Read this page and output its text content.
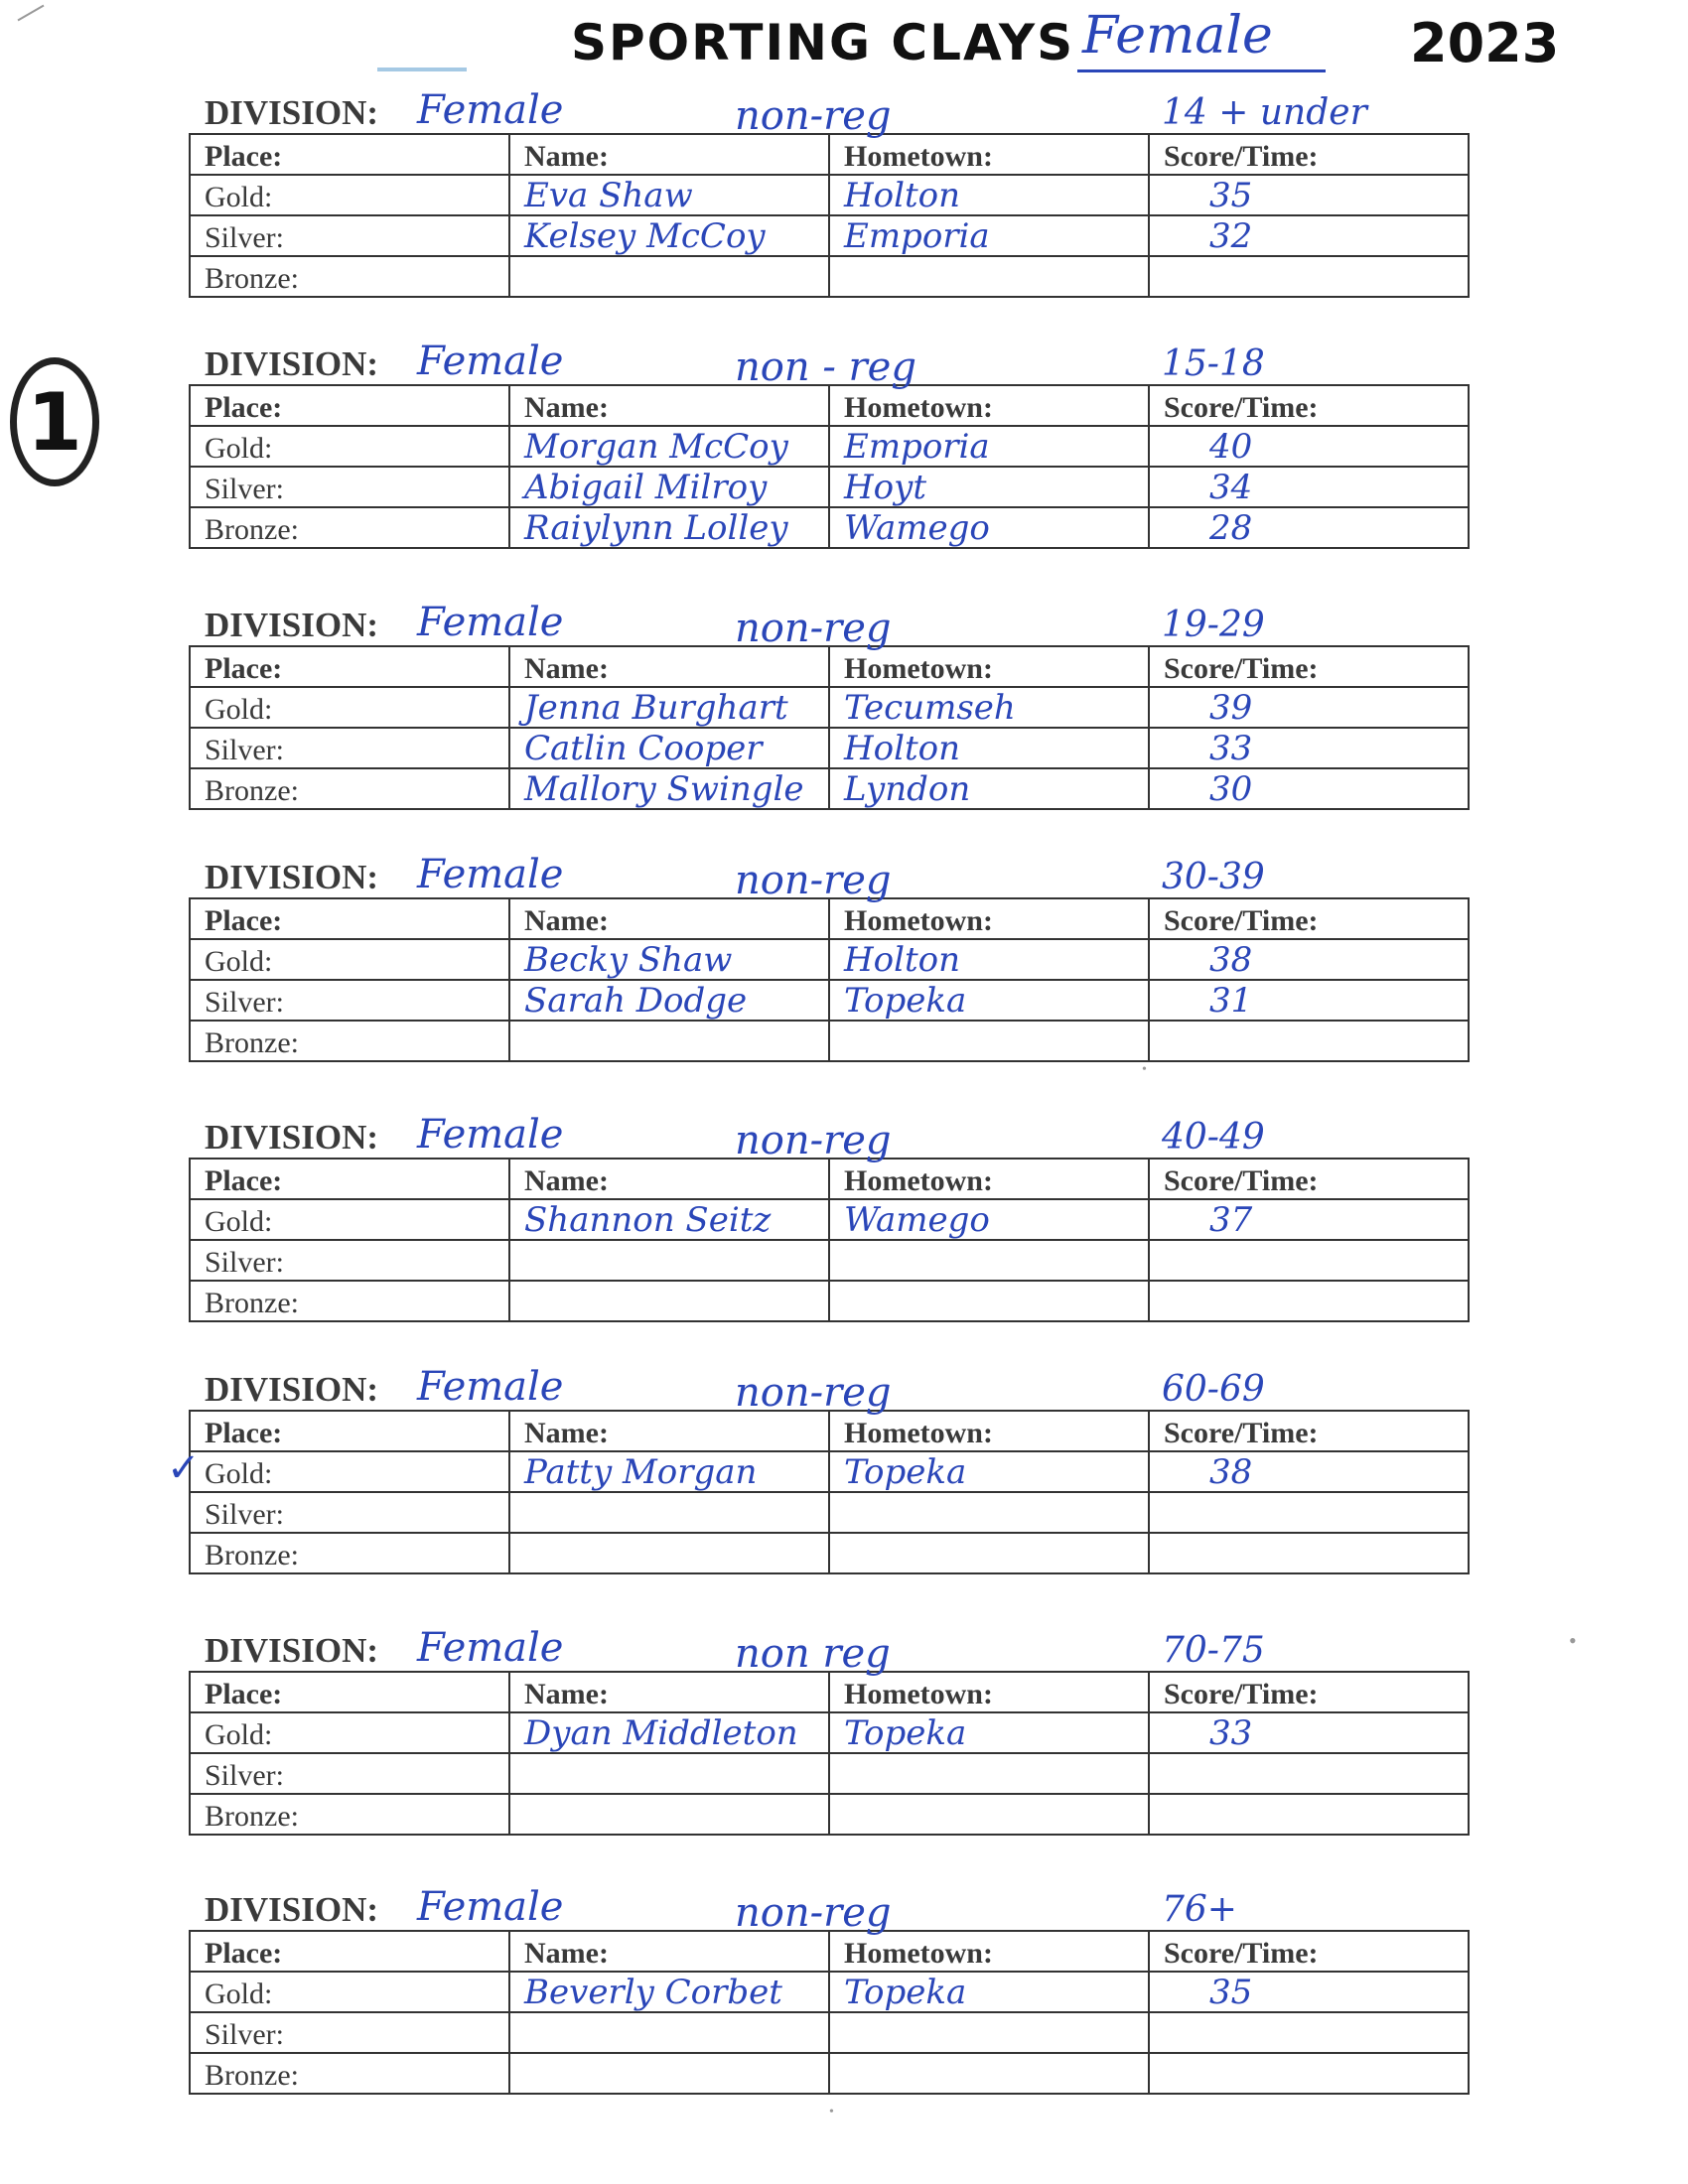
•
•
•
SPORTING CLAYS Female	2023
1
DIVISION: Female	non-reg	14 + under
Place:	Name:	Hometown:	Score/Time:
Gold:	Eva Shaw	Holton	35
Silver:	Kelsey McCoy	Emporia	32
Bronze:			
DIVISION: Female	non - reg	15-18
Place:	Name:	Hometown:	Score/Time:
Gold:	Morgan McCoy	Emporia	40
Silver:	Abigail Milroy	Hoyt	34
Bronze:	Raiylynn Lolley	Wamego	28
DIVISION: Female	non-reg	19-29
Place:	Name:	Hometown:	Score/Time:
Gold:	Jenna Burghart	Tecumseh	39
Silver:	Catlin Cooper	Holton	33
Bronze:	Mallory Swingle	Lyndon	30
DIVISION: Female	non-reg	30-39
Place:	Name:	Hometown:	Score/Time:
Gold:	Becky Shaw	Holton	38
Silver:	Sarah Dodge	Topeka	31
Bronze:			
DIVISION: Female	non-reg	40-49
Place:	Name:	Hometown:	Score/Time:
Gold:	Shannon Seitz	Wamego	37
Silver:			
Bronze:			
DIVISION: Female	non-reg	60-69
Place:	Name:	Hometown:	Score/Time:
Gold:	Patty Morgan	Topeka	38
Silver:			
Bronze:			
DIVISION: Female	non reg	70-75
Place:	Name:	Hometown:	Score/Time:
Gold:	Dyan Middleton	Topeka	33
Silver:			
Bronze:			
DIVISION: Female	non-reg	76+
Place:	Name:	Hometown:	Score/Time:
Gold:	Beverly Corbet	Topeka	35
Silver:			
Bronze:			
✓
